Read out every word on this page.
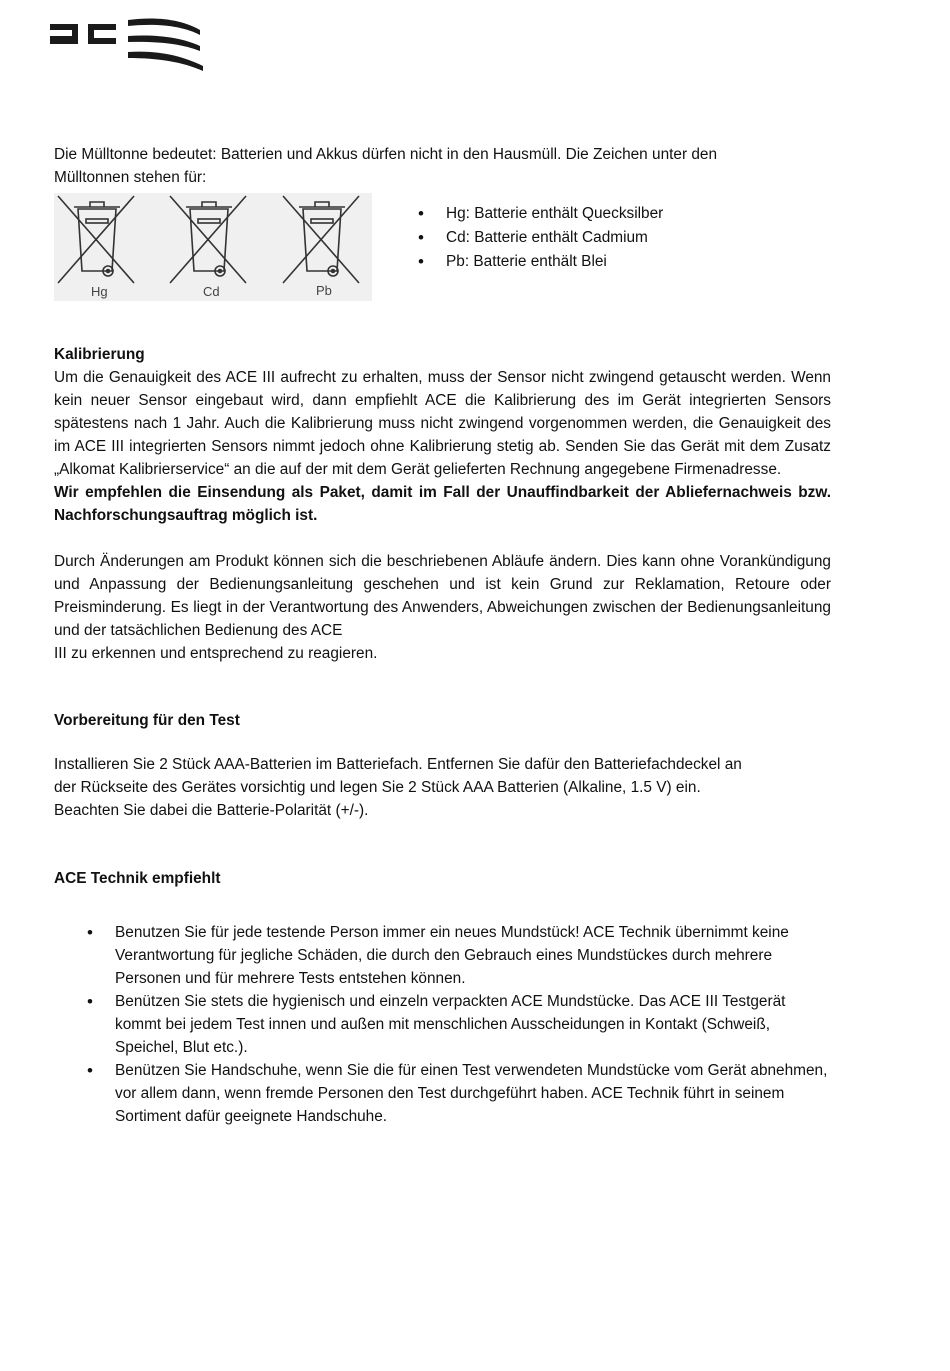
Die Mülltonne bedeutet: Batterien und Akkus dürfen nicht in den Hausmüll. Die Zeichen unter den
Mülltonnen stehen für:

Hg	Cd	Pb
• Hg: Batterie enthält Quecksilber
• Cd: Batterie enthält Cadmium
• Pb: Batterie enthält Blei

Kalibrierung

Um die Genauigkeit des ACE III aufrecht zu erhalten, muss der Sensor nicht zwingend getauscht werden. Wenn kein neuer Sensor eingebaut wird, dann empfiehlt ACE die Kalibrierung des im Gerät integrierten Sensors spätestens nach 1 Jahr. Auch die Kalibrierung muss nicht zwingend vorgenommen werden, die Genauigkeit des im ACE III integrierten Sensors nimmt jedoch ohne Kalibrierung stetig ab. Senden Sie das Gerät mit dem Zusatz „Alkomat Kalibrierservice“ an die auf der mit dem Gerät gelieferten Rechnung angegebene Firmenadresse.

Wir empfehlen die Einsendung als Paket, damit im Fall der Unauffindbarkeit der Abliefernachweis bzw. Nachforschungsauftrag möglich ist.

Durch Änderungen am Produkt können sich die beschriebenen Abläufe ändern. Dies kann ohne Vorankündigung und Anpassung der Bedienungsanleitung geschehen und ist kein Grund zur Reklamation, Retoure oder Preisminderung. Es liegt in der Verantwortung des Anwenders, Abweichungen zwischen der Bedienungsanleitung und der tatsächlichen Bedienung des ACE

III zu erkennen und entsprechend zu reagieren.

Vorbereitung für den Test

Installieren Sie 2 Stück AAA-Batterien im Batteriefach. Entfernen Sie dafür den Batteriefachdeckel an
der Rückseite des Gerätes vorsichtig und legen Sie 2 Stück AAA Batterien (Alkaline, 1.5 V) ein.
Beachten Sie dabei die Batterie-Polarität (+/-).

ACE Technik empfiehlt

• Benutzen Sie für jede testende Person immer ein neues Mundstück! ACE Technik übernimmt keine Verantwortung für jegliche Schäden, die durch den Gebrauch eines Mundstückes durch mehrere Personen und für mehrere Tests entstehen können.
• Benützen Sie stets die hygienisch und einzeln verpackten ACE Mundstücke. Das ACE III Testgerät kommt bei jedem Test innen und außen mit menschlichen Ausscheidungen in Kontakt (Schweiß, Speichel, Blut etc.).
• Benützen Sie Handschuhe, wenn Sie die für einen Test verwendeten Mundstücke vom Gerät abnehmen, vor allem dann, wenn fremde Personen den Test durchgeführt haben. ACE Technik führt in seinem Sortiment dafür geeignete Handschuhe.
